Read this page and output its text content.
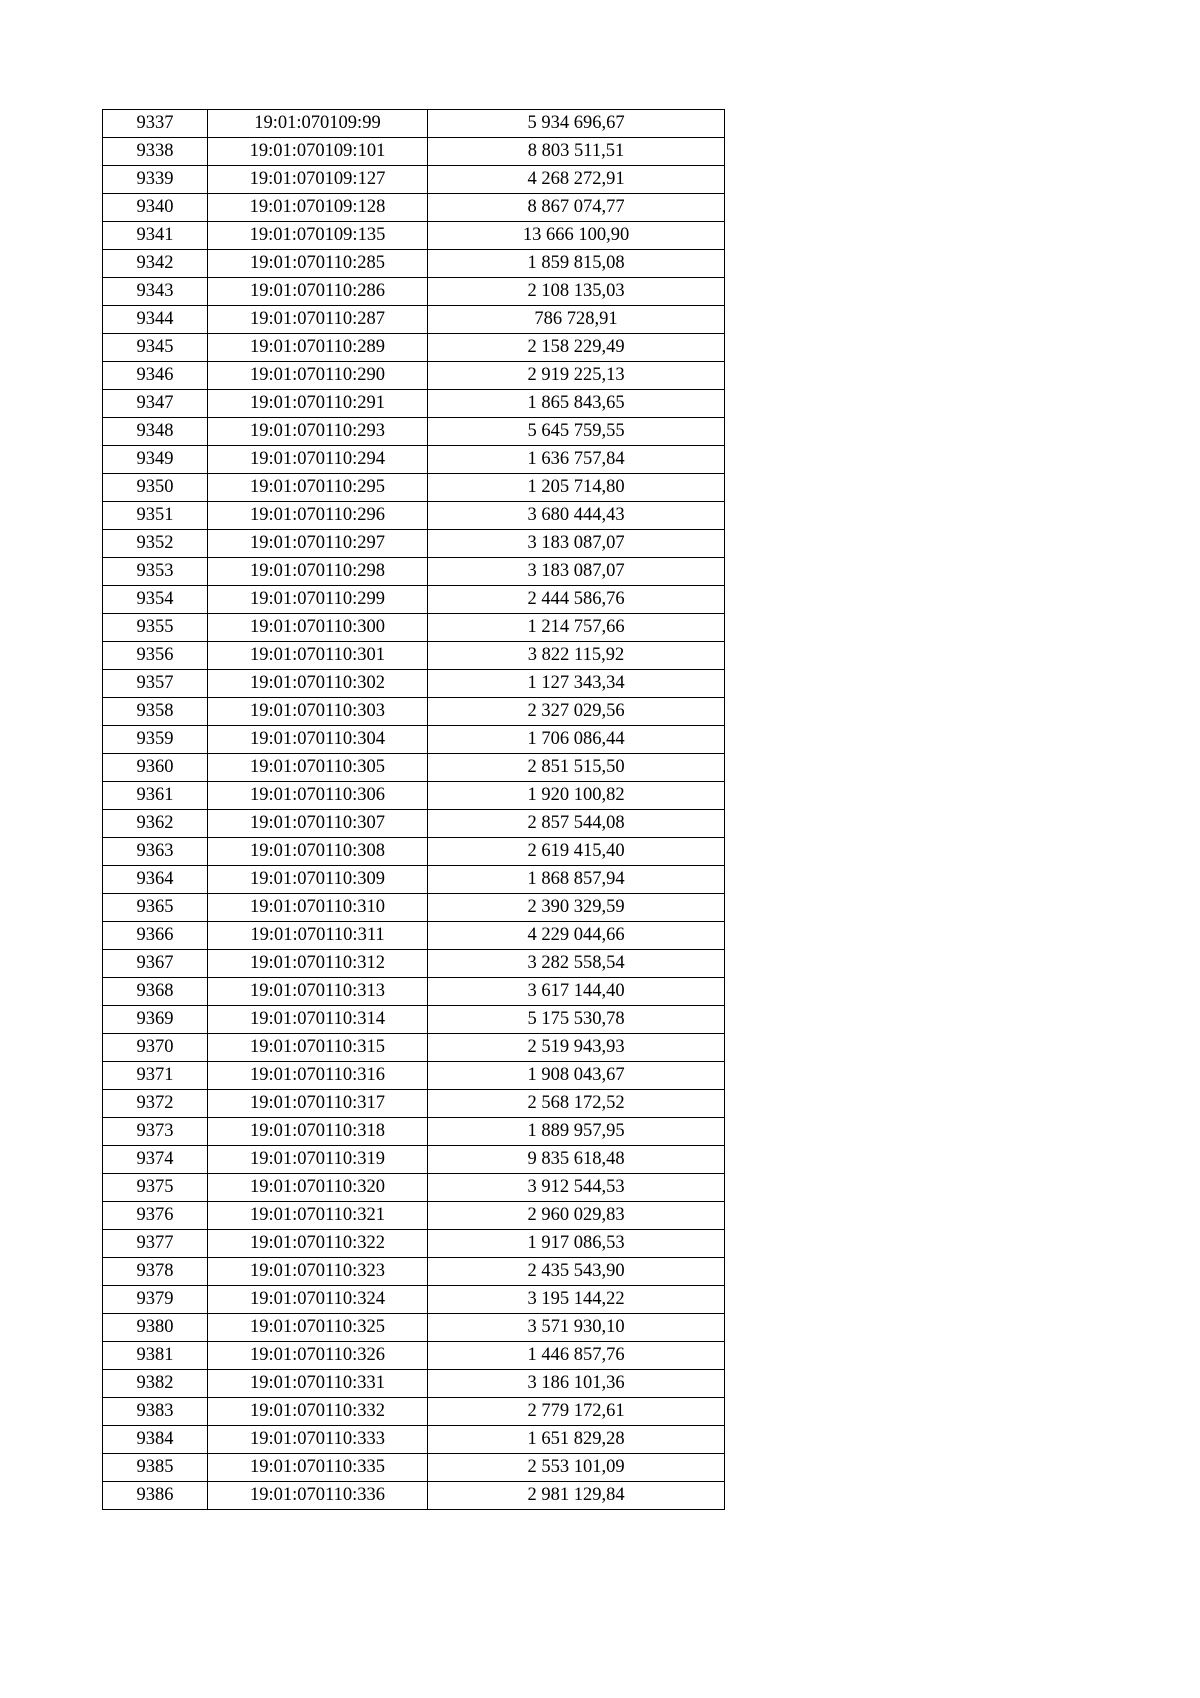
9337	19:01:070109:99	5 934 696,67
9338	19:01:070109:101	8 803 511,51
9339	19:01:070109:127	4 268 272,91
9340	19:01:070109:128	8 867 074,77
9341	19:01:070109:135	13 666 100,90
9342	19:01:070110:285	1 859 815,08
9343	19:01:070110:286	2 108 135,03
9344	19:01:070110:287	786 728,91
9345	19:01:070110:289	2 158 229,49
9346	19:01:070110:290	2 919 225,13
9347	19:01:070110:291	1 865 843,65
9348	19:01:070110:293	5 645 759,55
9349	19:01:070110:294	1 636 757,84
9350	19:01:070110:295	1 205 714,80
9351	19:01:070110:296	3 680 444,43
9352	19:01:070110:297	3 183 087,07
9353	19:01:070110:298	3 183 087,07
9354	19:01:070110:299	2 444 586,76
9355	19:01:070110:300	1 214 757,66
9356	19:01:070110:301	3 822 115,92
9357	19:01:070110:302	1 127 343,34
9358	19:01:070110:303	2 327 029,56
9359	19:01:070110:304	1 706 086,44
9360	19:01:070110:305	2 851 515,50
9361	19:01:070110:306	1 920 100,82
9362	19:01:070110:307	2 857 544,08
9363	19:01:070110:308	2 619 415,40
9364	19:01:070110:309	1 868 857,94
9365	19:01:070110:310	2 390 329,59
9366	19:01:070110:311	4 229 044,66
9367	19:01:070110:312	3 282 558,54
9368	19:01:070110:313	3 617 144,40
9369	19:01:070110:314	5 175 530,78
9370	19:01:070110:315	2 519 943,93
9371	19:01:070110:316	1 908 043,67
9372	19:01:070110:317	2 568 172,52
9373	19:01:070110:318	1 889 957,95
9374	19:01:070110:319	9 835 618,48
9375	19:01:070110:320	3 912 544,53
9376	19:01:070110:321	2 960 029,83
9377	19:01:070110:322	1 917 086,53
9378	19:01:070110:323	2 435 543,90
9379	19:01:070110:324	3 195 144,22
9380	19:01:070110:325	3 571 930,10
9381	19:01:070110:326	1 446 857,76
9382	19:01:070110:331	3 186 101,36
9383	19:01:070110:332	2 779 172,61
9384	19:01:070110:333	1 651 829,28
9385	19:01:070110:335	2 553 101,09
9386	19:01:070110:336	2 981 129,84
